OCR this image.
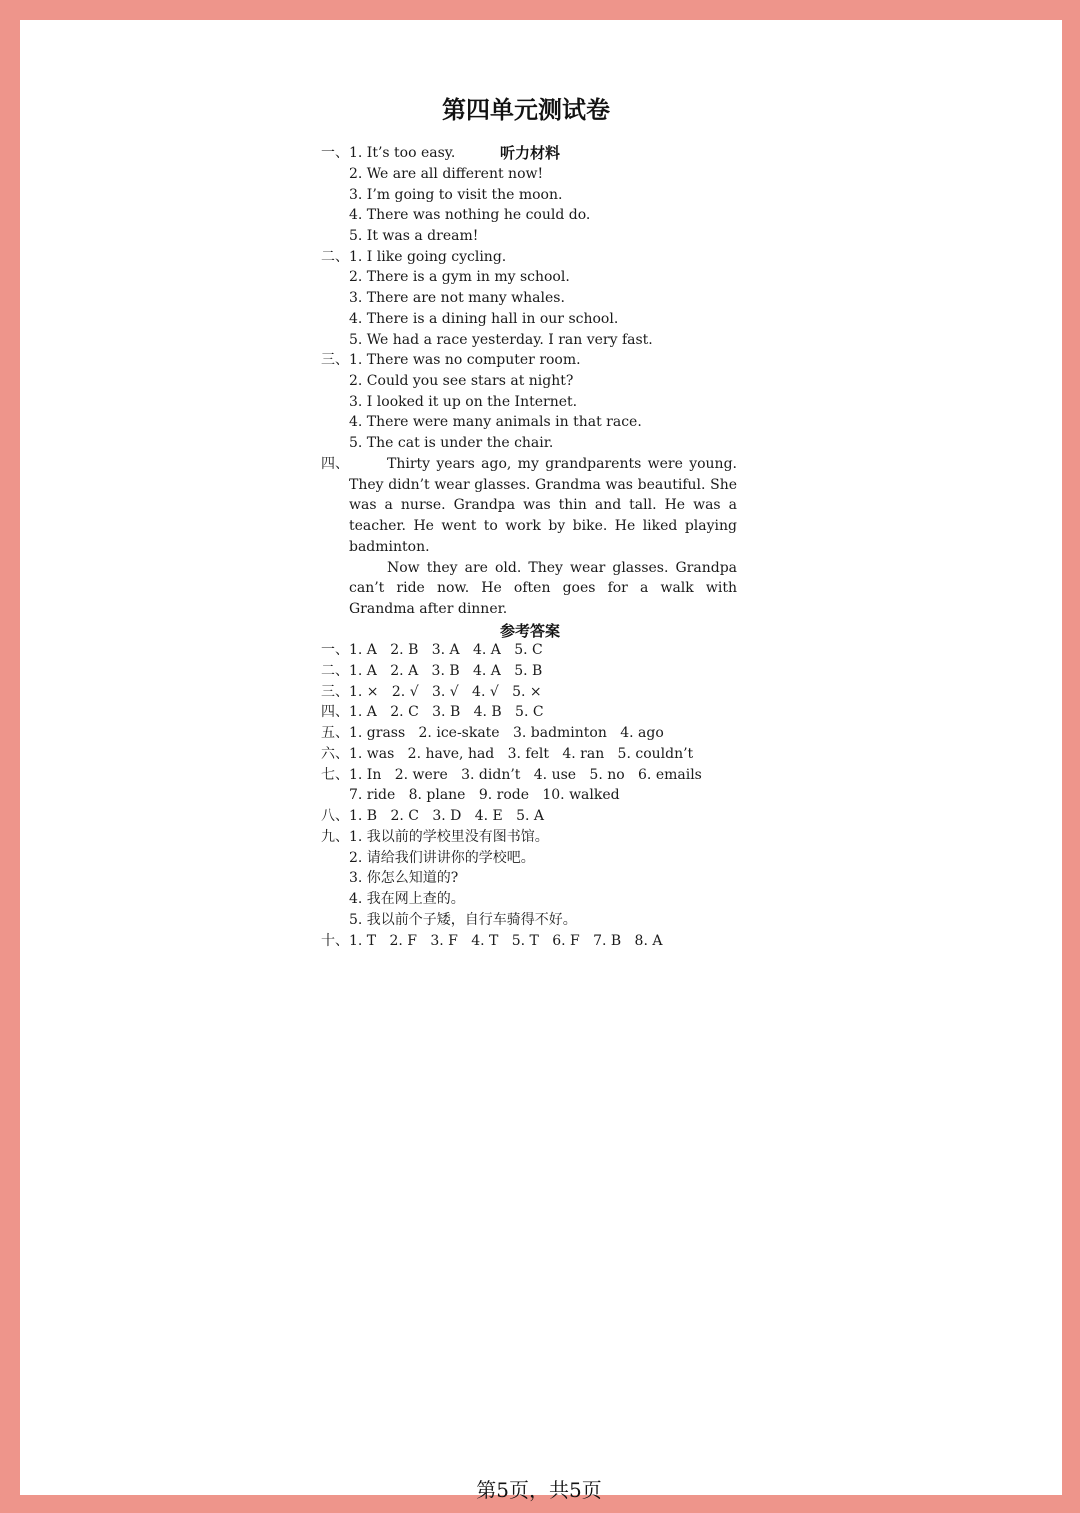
第四单元测试卷
听力材料
一、 1. It’s too easy.
2. We are all different now!
3. I’m going to visit the moon.
4. There was nothing he could do.
5. It was a dream!
二、 1. I like going cycling.
2. There is a gym in my school.
3. There are not many whales.
4. There is a dining hall in our school.
5. We had a race yesterday. I ran very fast.
三、 1. There was no computer room.
2. Could you see stars at night?
3. I looked it up on the Internet.
4. There were many animals in that race.
5. The cat is under the chair.
四、	Thirty years ago, my grandparents were young. They didn’t wear glasses. Grandma was beautiful. She was a nurse. Grandpa was thin and tall. He was a teacher. He went to work by bike. He liked playing badminton.

Now they are old. They wear glasses. Grandpa can’t ride now. He often goes for a walk with Grandma after dinner.

参考答案
一、 1. A   2. B   3. A   4. A   5. C
二、 1. A   2. A   3. B   4. A   5. B
三、 1. ×   2. √   3. √   4. √   5. ×
四、 1. A   2. C   3. B   4. B   5. C
五、 1. grass   2. ice-skate   3. badminton   4. ago
六、 1. was   2. have, had   3. felt   4. ran   5. couldn’t
七、 1. In   2. were   3. didn’t   4. use   5. no   6. emails
7. ride   8. plane   9. rode   10. walked
八、 1. B   2. C   3. D   4. E   5. A
九、 1. 我以前的学校里没有图书馆。
2. 请给我们讲讲你的学校吧。
3. 你怎么知道的?
4. 我在网上查的。
5. 我以前个子矮，自行车骑得不好。
十、 1. T   2. F   3. F   4. T   5. T   6. F   7. B   8. A
第5页，共5页
